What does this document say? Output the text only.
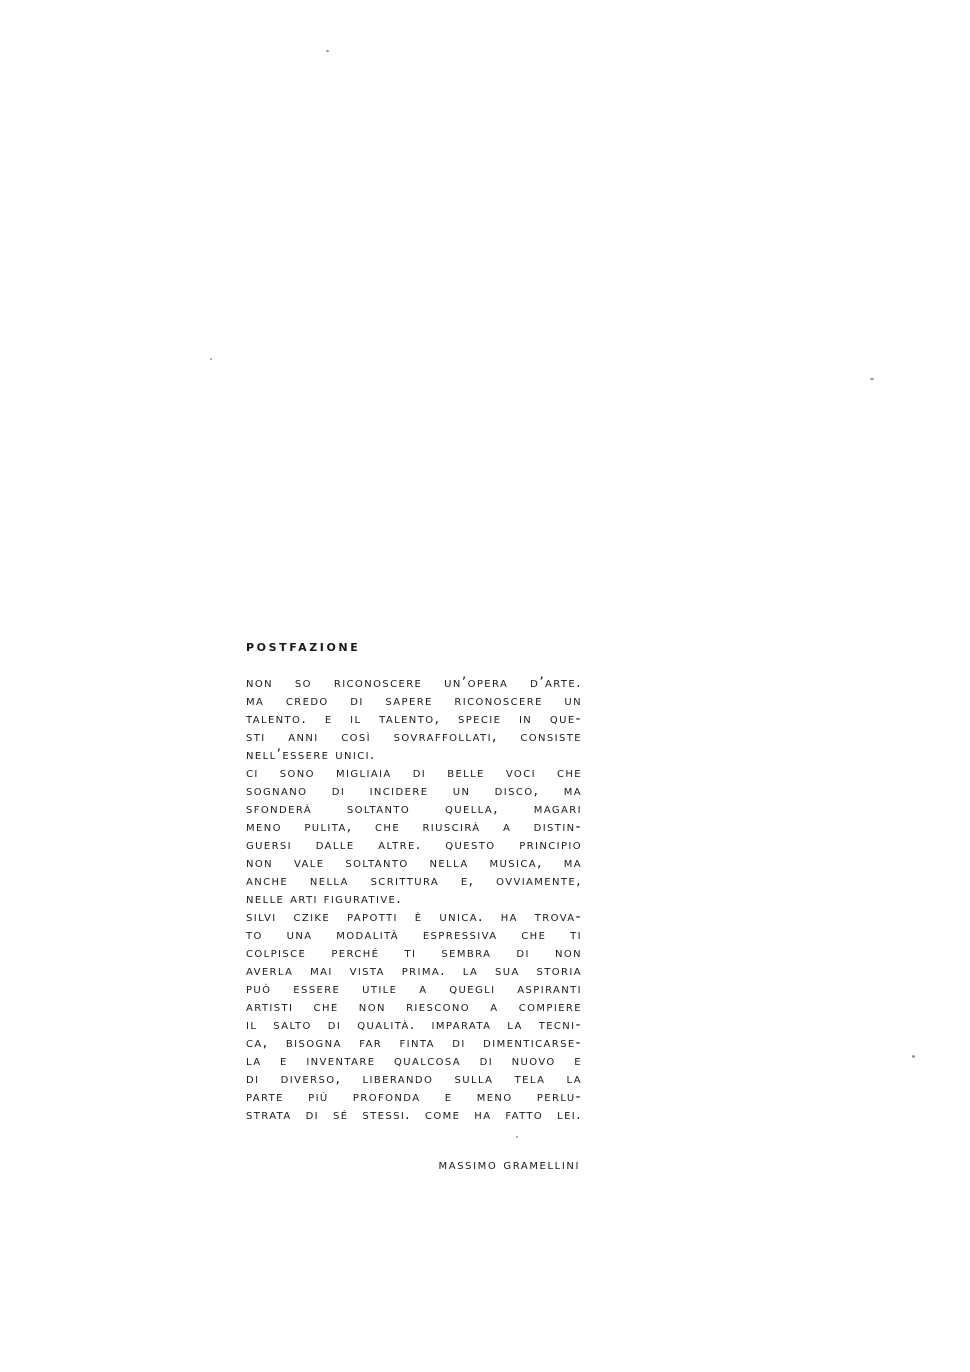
postfazione
non so riconoscere un’opera d’arte.
ma credo di sapere riconoscere un
talento. e il talento, specie in que-
sti anni così sovraffollati, consiste
nell’essere unici.
ci sono migliaia di belle voci che
sognano di incidere un disco, ma
sfonderà soltanto quella, magari
meno pulita, che riuscirà a distin-
guersi dalle altre. questo principio
non vale soltanto nella musica, ma
anche nella scrittura e, ovviamente,
nelle arti figurative.
silvi czike papotti è unica. ha trova-
to una modalità espressiva che ti
colpisce perché ti sembra di non
averla mai vista prima. la sua storia
può essere utile a quegli aspiranti
artisti che non riescono a compiere
il salto di qualità. imparata la tecni-
ca, bisogna far finta di dimenticarse-
la e inventare qualcosa di nuovo e
di diverso, liberando sulla tela la
parte più profonda e meno perlu-
strata di sé stessi. come ha fatto lei.
massimo gramellini
